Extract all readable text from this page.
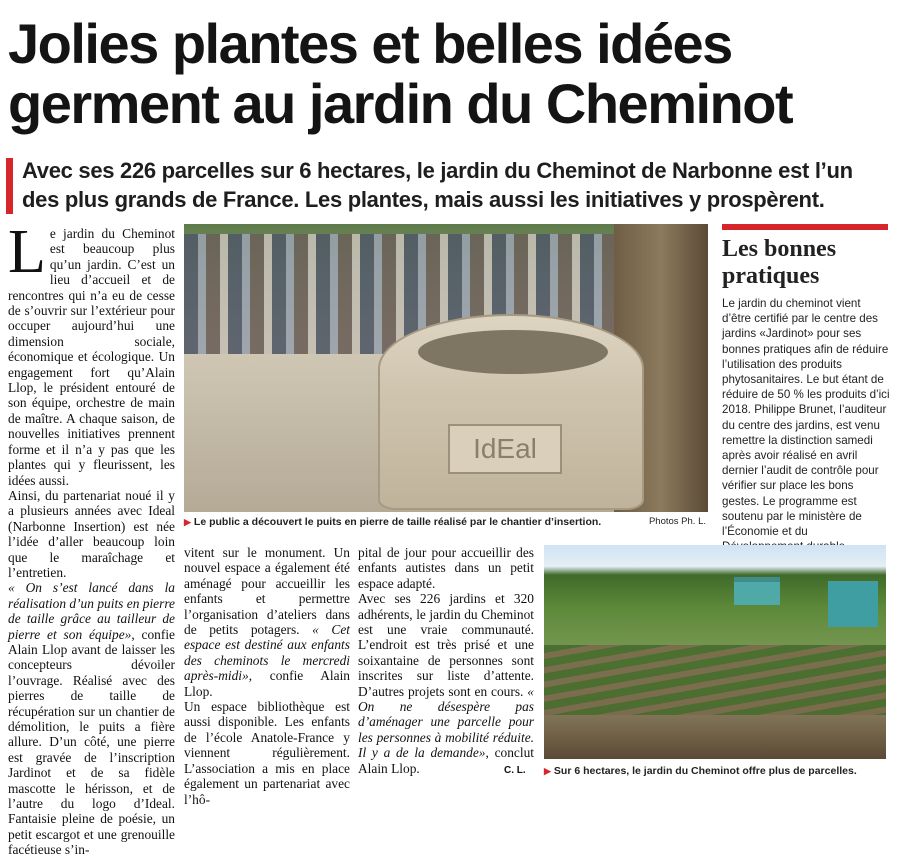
Jolies plantes et belles idées germent au jardin du Cheminot

Avec ses 226 parcelles sur 6 hectares, le jardin du Cheminot de Narbonne est l’un des plus grands de France. Les plantes, mais aussi les initiatives y prospèrent.

L e jardin du Cheminot est beaucoup plus qu’un jardin. C’est un lieu d’accueil et de rencontres qui n’a eu de cesse de s’ouvrir sur l’extérieur pour occuper aujourd’hui une dimension sociale, économique et écologique. Un engagement fort qu’Alain Llop, le président entouré de son équipe, orchestre de main de maître. A chaque saison, de nouvelles initiatives prennent forme et il n’a y pas que les plantes qui y fleurissent, les idées aussi.

Ainsi, du partenariat noué il y a plusieurs années avec Ideal (Narbonne Insertion) est née l’idée d’aller beaucoup loin que le maraîchage et l’entretien.

« On s’est lancé dans la réalisation d’un puits en pierre de taille grâce au tailleur de pierre et son équipe», confie Alain Llop avant de laisser les concepteurs dévoiler l’ouvrage. Réalisé avec des pierres de taille de récupération sur un chantier de démolition, le puits a fière allure. D’un côté, une pierre est gravée de l’inscription Jardinot et de sa fidèle mascotte le hérisson, et de l’autre du logo d’Ideal. Fantaisie pleine de poésie, un petit escargot et une grenouille facétieuse s’in-

IdEal
▶ Le public a découvert le puits en pierre de taille réalisé par le chantier d’insertion.	Photos Ph. L.
Les bonnes pratiques

Le jardin du cheminot vient d’être certifié par le centre des jardins «Jardinot» pour ses bonnes pratiques afin de réduire l’utilisation des produits phytosanitaires. Le but étant de réduire de 50 % les produits d’ici 2018. Philippe Brunet, l’auditeur du centre des jardins, est venu remettre la distinction samedi après avoir réalisé en avril dernier l’audit de contrôle pour vérifier sur place les bons gestes. Le programme est soutenu par le ministère de l’Économie et du

vitent sur le monument. Un nouvel espace a également été aménagé pour accueillir les enfants et permettre l’organisation d’ateliers dans de petits potagers. « Cet espace est destiné aux enfants des cheminots le mercredi après-midi», confie Alain Llop.

Un espace bibliothèque est aussi disponible. Les enfants de l’école Anatole-France y viennent régulièrement. L’association a mis en place également un partenariat avec l’hô-

pital de jour pour accueillir des enfants autistes dans un petit espace adapté.

Avec ses 226 jardins et 320 adhérents, le jardin du Cheminot est une vraie communauté. L’endroit est très prisé et une soixantaine de personnes sont inscrites sur liste d’attente. D’autres projets sont en cours. « On ne désespère pas d’aménager une parcelle pour les personnes à mobilité réduite. Il y a de la demande», conclut Alain Llop.	C. L. ▶ Sur 6 hectares, le jardin du Cheminot offre plus de parcelles.
